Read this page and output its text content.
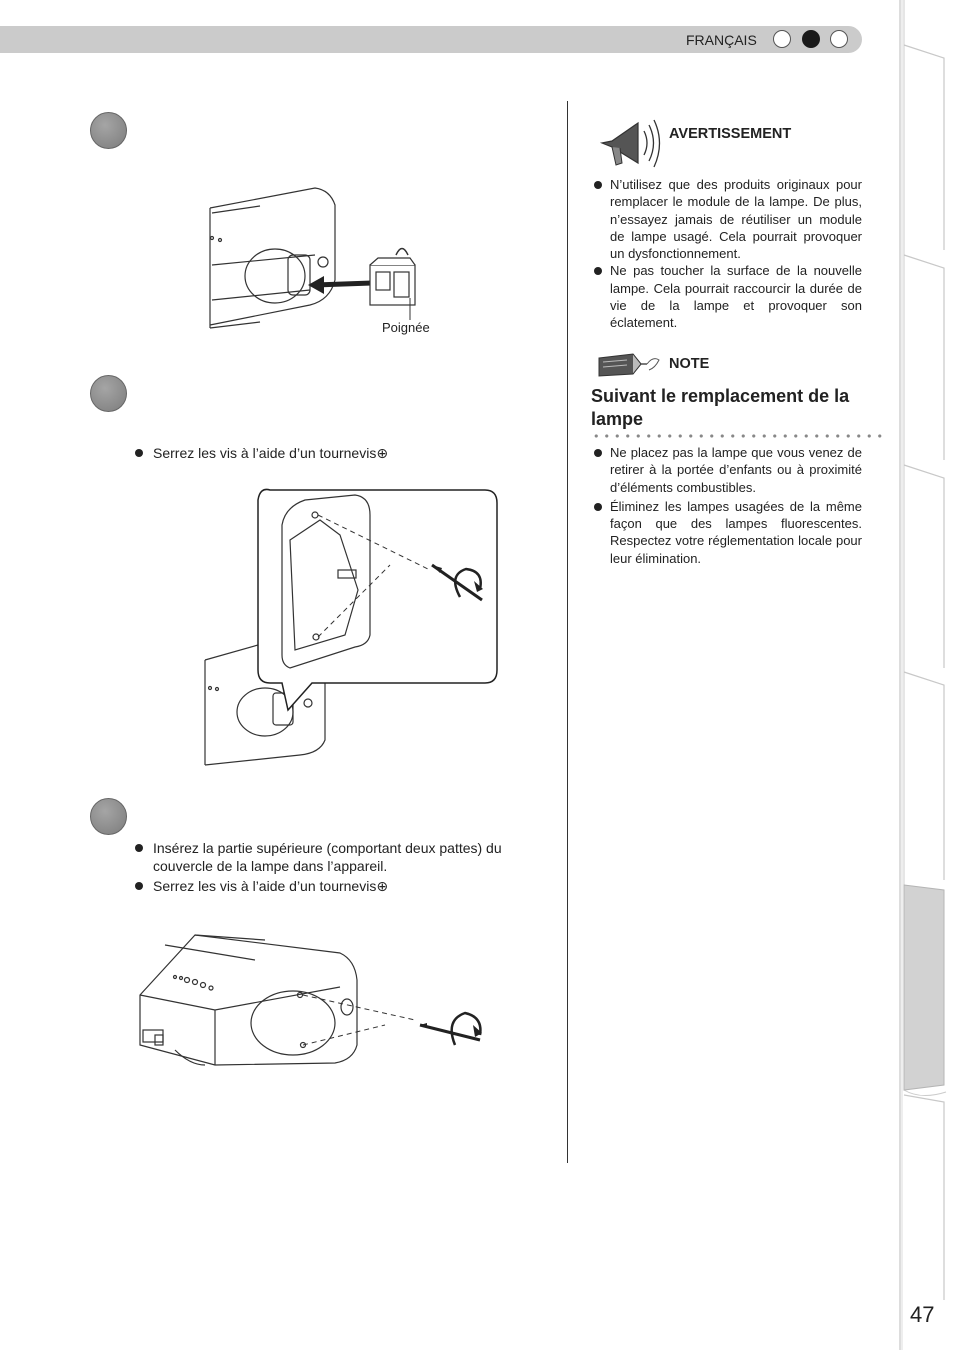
FRANÇAIS
47
Poignée
Serrez les vis à l’aide d’un tournevis⊕
Insérez la partie supérieure (comportant deux pattes) du couvercle de la lampe dans l’appareil.
Serrez les vis à l’aide d’un tournevis⊕
AVERTISSEMENT
N’utilisez que des produits originaux pour remplacer le module de la lampe. De plus, n’essayez jamais de réutiliser un module de lampe usagé. Cela pourrait provoquer un dysfonctionnement.
Ne pas toucher la surface de la nouvelle lampe. Cela pourrait raccourcir la durée de vie de la lampe et provoquer son éclatement.
NOTE
Suivant le remplacement de la lampe
Ne placez pas la lampe que vous venez de retirer à la portée d’enfants ou à proximité d’éléments combustibles.
Éliminez les lampes usagées de la même façon que des lampes fluorescentes. Respectez votre réglementation locale pour leur élimination.
